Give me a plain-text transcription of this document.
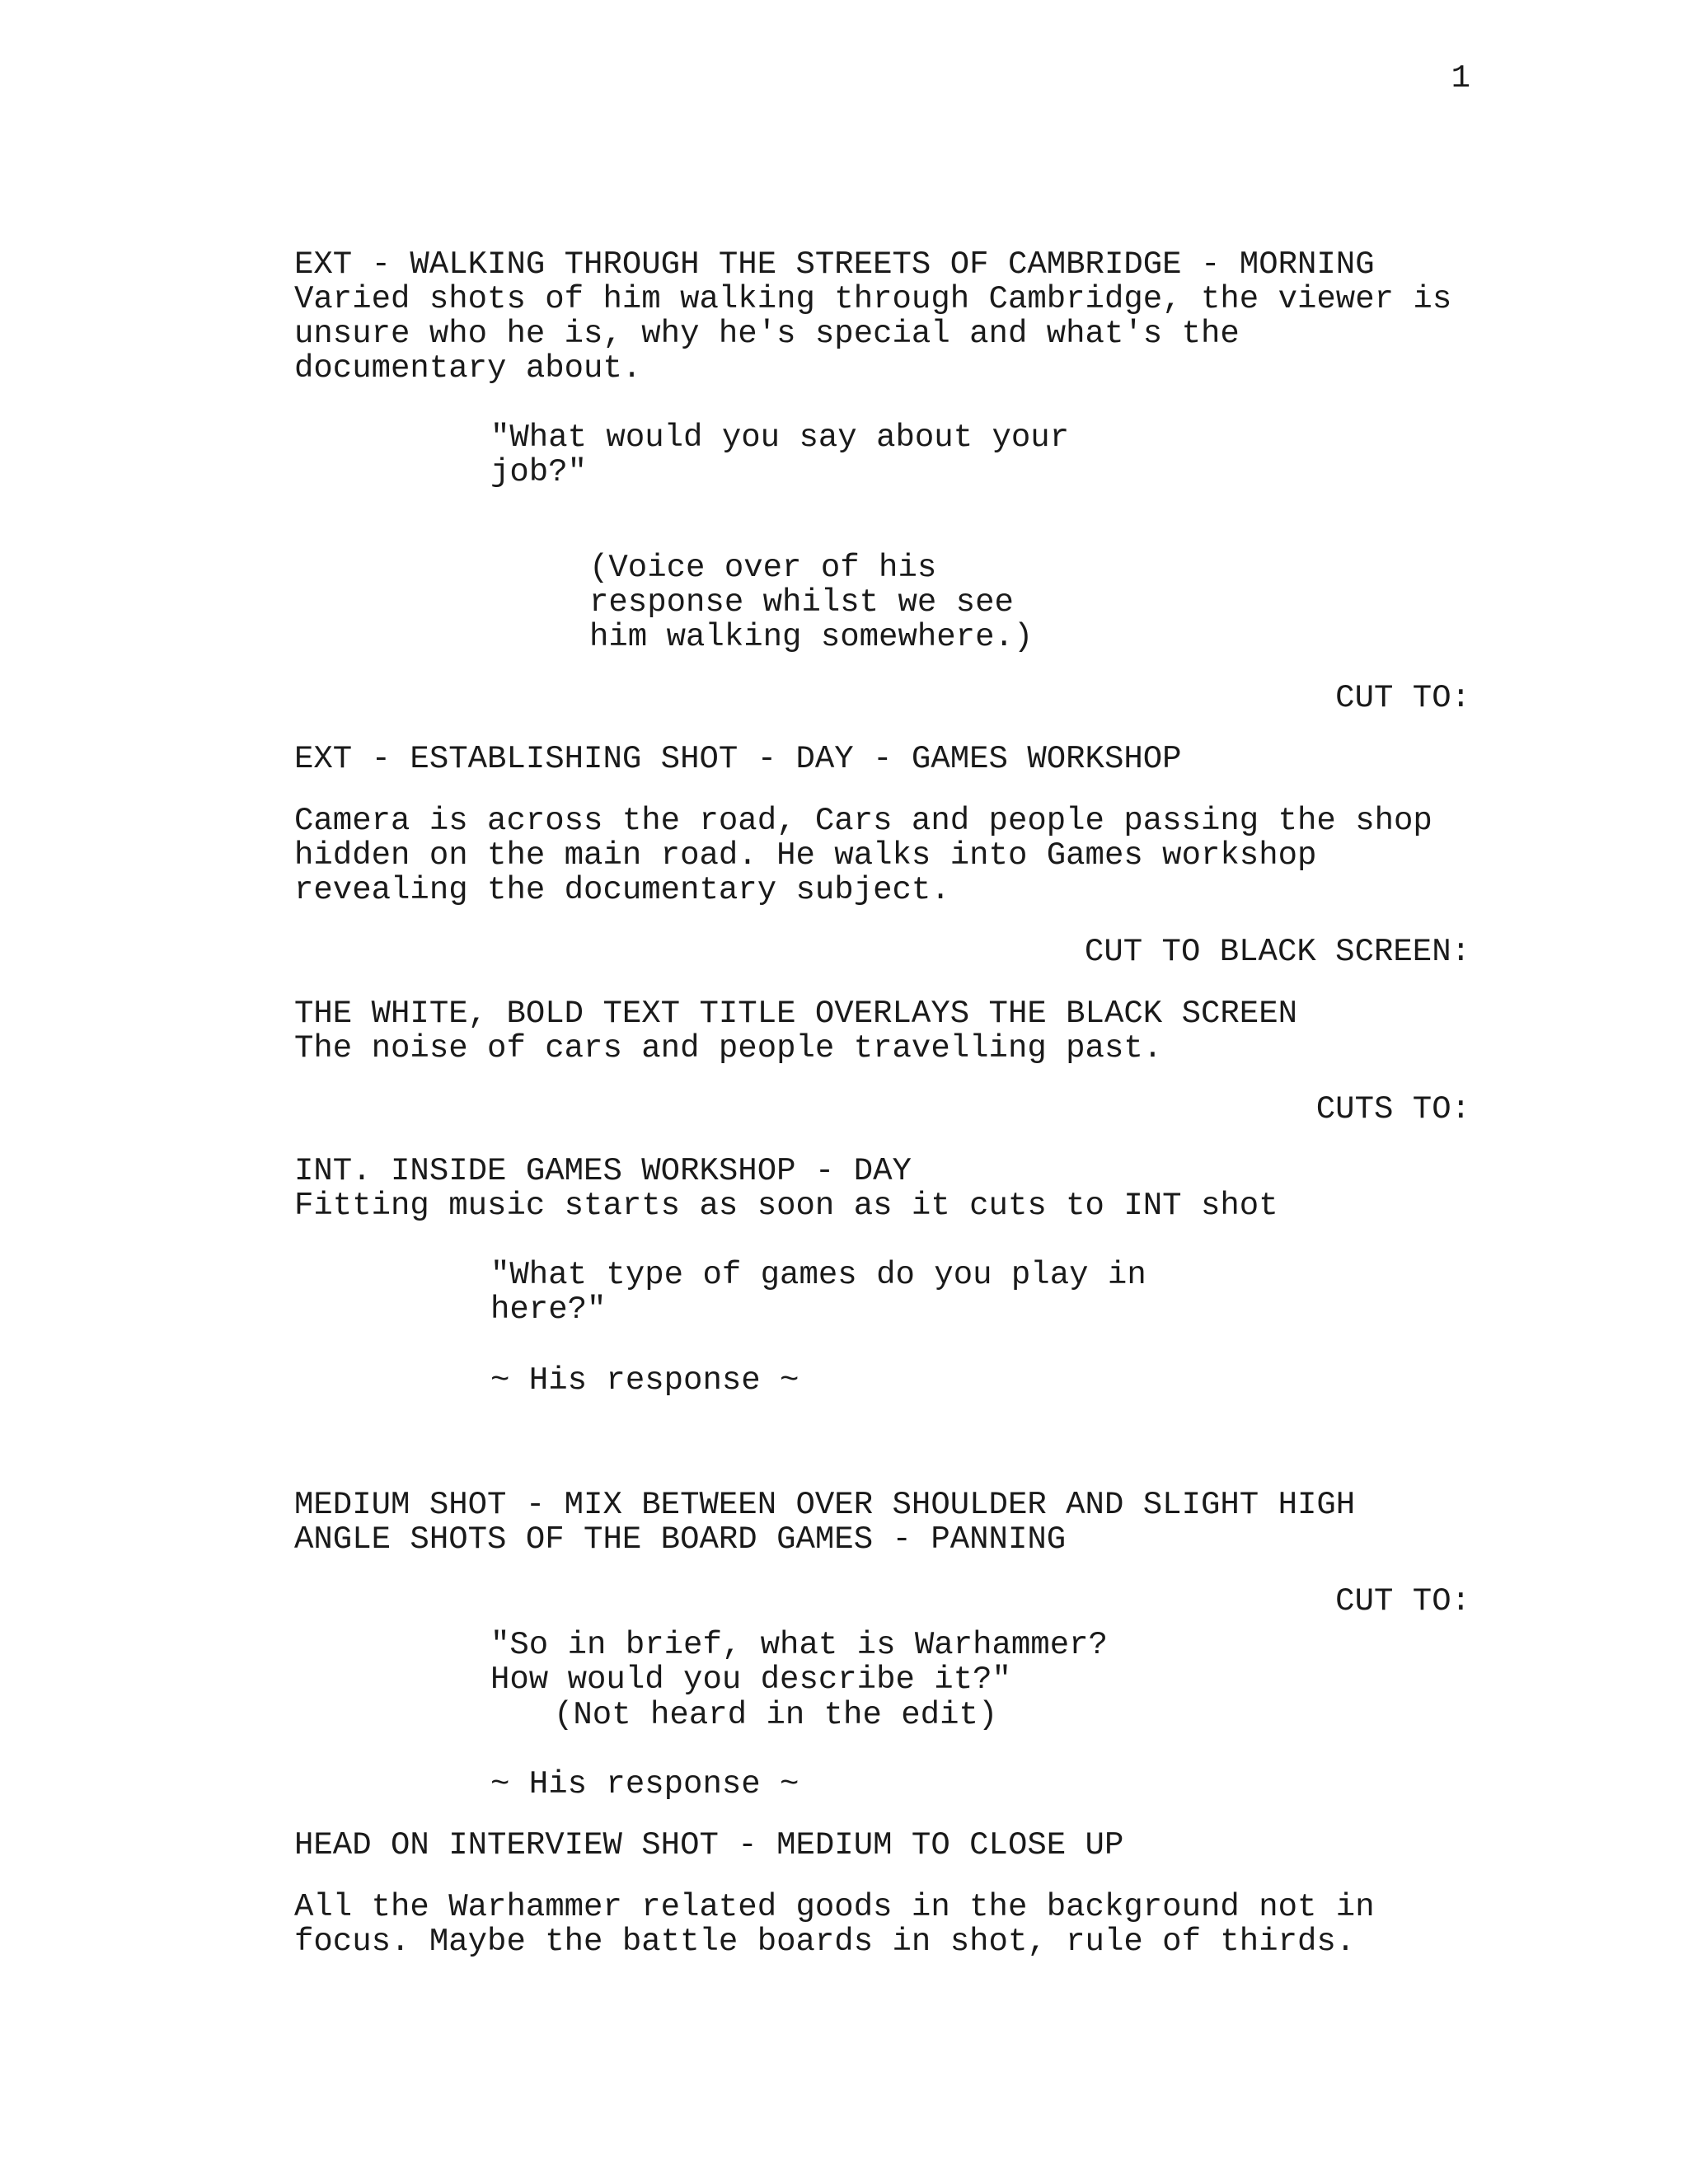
1
EXT - WALKING THROUGH THE STREETS OF CAMBRIDGE - MORNING
Varied shots of him walking through Cambridge, the viewer is
unsure who he is, why he's special and what's the
documentary about.
"What would you say about your
job?"
(Voice over of his
response whilst we see
him walking somewhere.)
CUT TO:
EXT - ESTABLISHING SHOT - DAY - GAMES WORKSHOP
Camera is across the road, Cars and people passing the shop
hidden on the main road. He walks into Games workshop
revealing the documentary subject.
CUT TO BLACK SCREEN:
THE WHITE, BOLD TEXT TITLE OVERLAYS THE BLACK SCREEN
The noise of cars and people travelling past.
CUTS TO:
INT. INSIDE GAMES WORKSHOP - DAY
Fitting music starts as soon as it cuts to INT shot
"What type of games do you play in
here?"
~ His response ~
MEDIUM SHOT - MIX BETWEEN OVER SHOULDER AND SLIGHT HIGH
ANGLE SHOTS OF THE BOARD GAMES - PANNING
CUT TO:
"So in brief, what is Warhammer?
How would you describe it?"
(Not heard in the edit)
~ His response ~
HEAD ON INTERVIEW SHOT - MEDIUM TO CLOSE UP
All the Warhammer related goods in the background not in
focus. Maybe the battle boards in shot, rule of thirds.
